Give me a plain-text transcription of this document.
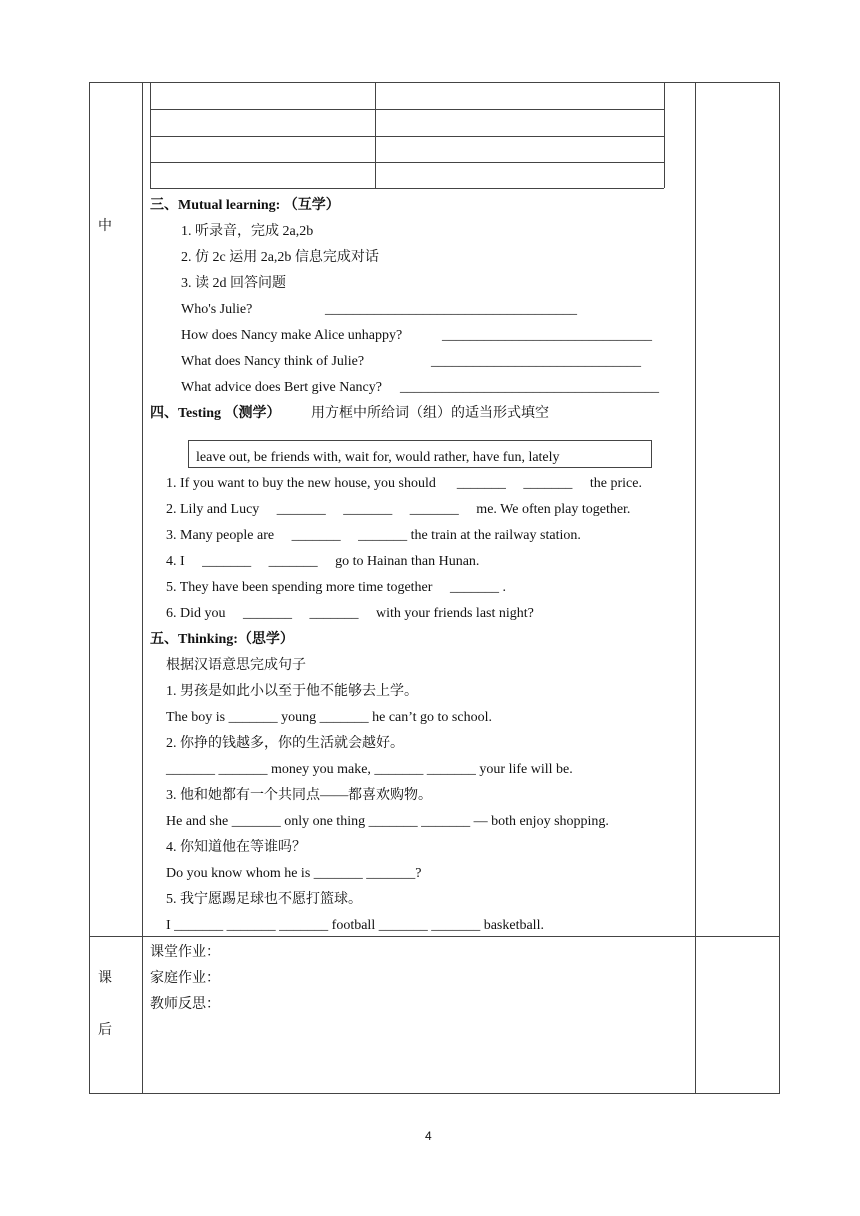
中
课
后
三、Mutual learning: （互学）
1. 听录音，完成 2a,2b
2. 仿 2c 运用 2a,2b 信息完成对话
3. 读 2d 回答问题
Who's Julie?	____________________________________
How does Nancy make Alice unhappy?	______________________________
What does Nancy think of Julie?	______________________________
What advice does Bert give Nancy? _____________________________________
四、Testing （测学） 用方框中所给词（组）的适当形式填空
leave out, be friends with, wait for, would rather, have fun, lately
1. If you want to buy the new house, you should      _______     _______     the price.
2. Lily and Lucy     _______     _______     _______     me. We often play together.
3. Many people are     _______     _______ the train at the railway station.
4. I     _______     _______     go to Hainan than Hunan.
5. They have been spending more time together     _______ .
6. Did you     _______     _______     with your friends last night?
五、Thinking:（思学）
根据汉语意思完成句子
1. 男孩是如此小以至于他不能够去上学。
The boy is _______ young _______ he can’t go to school.
2. 你挣的钱越多，你的生活就会越好。
_______ _______ money you make, _______ _______ your life will be.
3. 他和她都有一个共同点——都喜欢购物。
He and she _______ only one thing _______ _______ — both enjoy shopping.
4. 你知道他在等谁吗？
Do you know whom he is _______ _______?
5. 我宁愿踢足球也不愿打篮球。
I _______ _______ _______ football _______ _______ basketball.
课堂作业：
家庭作业：
教师反思：
4
